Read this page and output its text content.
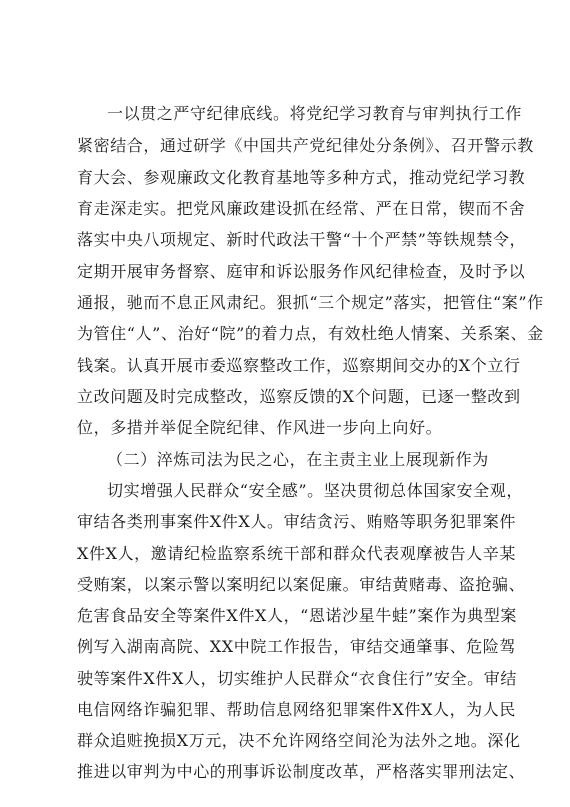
一以贯之严守纪律底线。将党纪学习教育与审判执行工作
紧密结合，通过研学《中国共产党纪律处分条例》、召开警示教
育大会、参观廉政文化教育基地等多种方式，推动党纪学习教
育走深走实。把党风廉政建设抓在经常、严在日常，锲而不舍
落实中央八项规定、新时代政法干警“十个严禁”等铁规禁令，
定期开展审务督察、庭审和诉讼服务作风纪律检查，及时予以
通报，驰而不息正风肃纪。狠抓“三个规定”落实，把管住“案”作
为管住“人”、治好“院”的着力点，有效杜绝人情案、关系案、金
钱案。认真开展市委巡察整改工作，巡察期间交办的X个立行
立改问题及时完成整改，巡察反馈的X个问题，已逐一整改到
位，多措并举促全院纪律、作风进一步向上向好。
（二）淬炼司法为民之心，在主责主业上展现新作为
切实增强人民群众“安全感”。坚决贯彻总体国家安全观，
审结各类刑事案件X件X人。审结贪污、贿赂等职务犯罪案件
X件X人，邀请纪检监察系统干部和群众代表观摩被告人辛某
受贿案，以案示警以案明纪以案促廉。审结黄赌毒、盗抢骗、
危害食品安全等案件X件X人，“恩诺沙星牛蛙”案作为典型案
例写入湖南高院、XX中院工作报告，审结交通肇事、危险驾
驶等案件X件X人，切实维护人民群众“衣食住行”安全。审结
电信网络诈骗犯罪、帮助信息网络犯罪案件X件X人，为人民
群众追赃挽损X万元，决不允许网络空间沦为法外之地。深化
推进以审判为中心的刑事诉讼制度改革，严格落实罪刑法定、
